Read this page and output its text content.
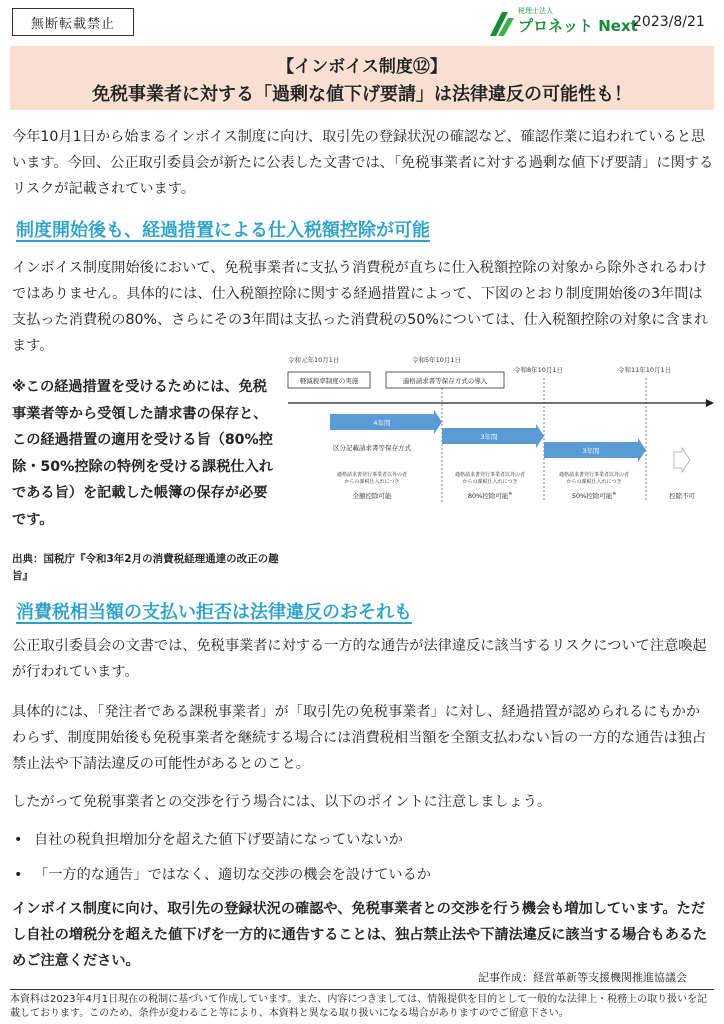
無断転載禁止
税理士法人
プロネット Next
2023/8/21
【インボイス制度⑫】
免税事業者に対する「過剰な値下げ要請」は法律違反の可能性も！
今年10月1日から始まるインボイス制度に向け、取引先の登録状況の確認など、確認作業に追われていると思います。今回、公正取引委員会が新たに公表した文書では、「免税事業者に対する過剰な値下げ要請」に関するリスクが記載されています。
制度開始後も、経過措置による仕入税額控除が可能
インボイス制度開始後において、免税事業者に支払う消費税が直ちに仕入税額控除の対象から除外されるわけではありません。具体的には、仕入税額控除に関する経過措置によって、下図のとおり制度開始後の3年間は支払った消費税の80%、さらにその3年間は支払った消費税の50%については、仕入税額控除の対象に含まれます。
※この経過措置を受けるためには、免税事業者等から受領した請求書の保存と、この経過措置の適用を受ける旨（80%控除・50%控除の特例を受ける課税仕入れである旨）を記載した帳簿の保存が必要です。
出典：国税庁『令和3年2月の消費税経理通達の改正の趣旨』
令和元年10月1日	令和5年10月1日
令和8年10月1日	令和11年10月1日
軽減税率制度の実施	適格請求書等保存方式の導入
4年間
3年間
3年間
区分記載請求書等保存方式
適格請求書発行事業者以外の者
からの課税仕入れにつき
適格請求書発行事業者以外の者
からの課税仕入れにつき
適格請求書発行事業者以外の者
からの課税仕入れにつき
全額控除可能	80%控除可能※	50%控除可能※	控除不可
消費税相当額の支払い拒否は法律違反のおそれも
公正取引委員会の文書では、免税事業者に対する一方的な通告が法律違反に該当するリスクについて注意喚起が行われています。
具体的には、「発注者である課税事業者」が「取引先の免税事業者」に対し、経過措置が認められるにもかかわらず、制度開始後も免税事業者を継続する場合には消費税相当額を全額支払わない旨の一方的な通告は独占禁止法や下請法違反の可能性があるとのこと。
したがって免税事業者との交渉を行う場合には、以下のポイントに注意しましょう。
• 自社の税負担増加分を超えた値下げ要請になっていないか
• 「一方的な通告」ではなく、適切な交渉の機会を設けているか
インボイス制度に向け、取引先の登録状況の確認や、免税事業者との交渉を行う機会も増加しています。ただし自社の増税分を超えた値下げを一方的に通告することは、独占禁止法や下請法違反に該当する場合もあるためご注意ください。
記事作成：経営革新等支援機関推進協議会
本資料は2023年4月1日現在の税制に基づいて作成しています。また、内容につきましては、情報提供を目的として一般的な法律上・税務上の取り扱いを記載しております。このため、条件が変わること等により、本資料と異なる取り扱いになる場合がありますのでご留意下さい。
